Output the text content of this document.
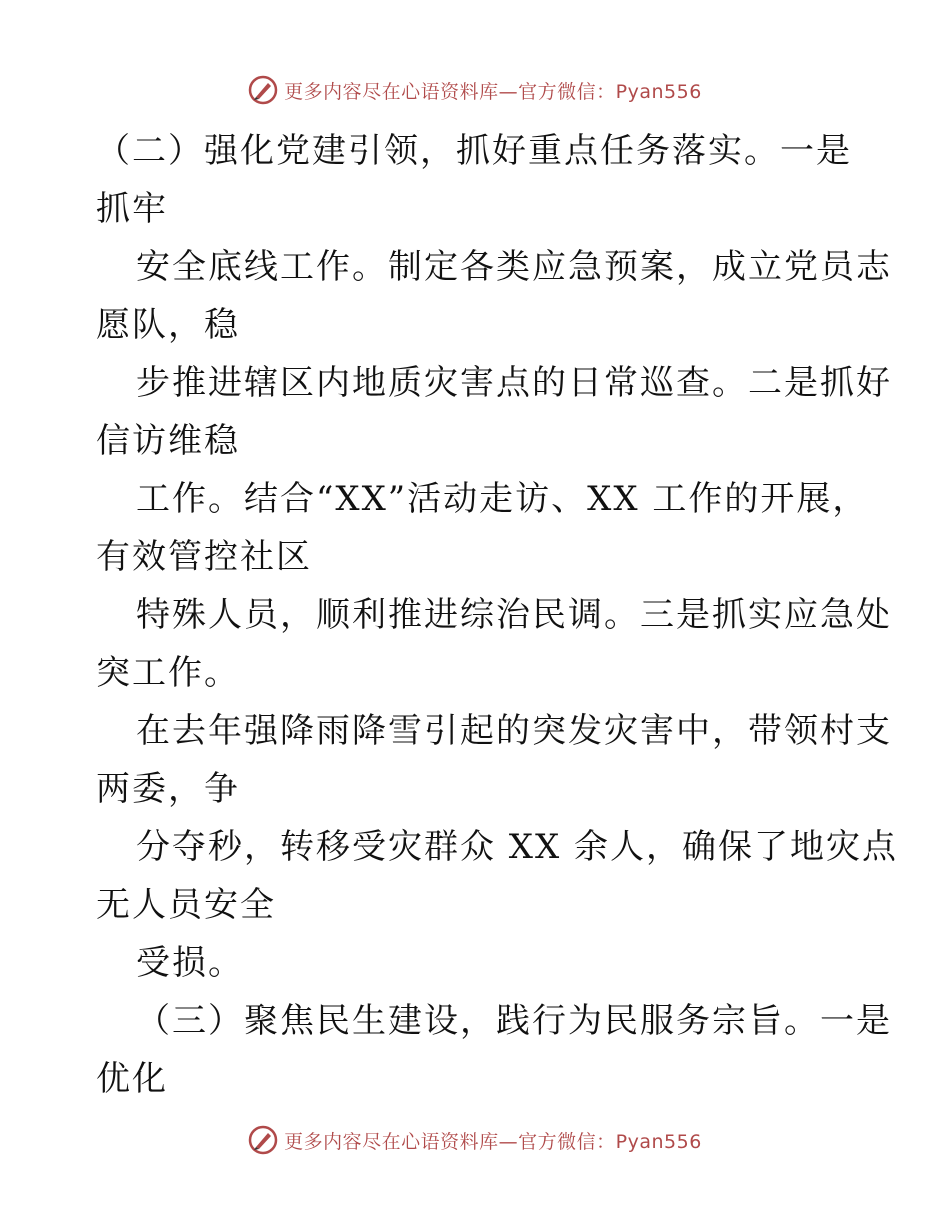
更多内容尽在心语资料库—官方微信：Pyan556
（二）强化党建引领，抓好重点任务落实。一是
抓牢
安全底线工作。制定各类应急预案，成立党员志
愿队，稳
步推进辖区内地质灾害点的日常巡查。二是抓好
信访维稳
工作。结合“XX”活动走访、XX 工作的开展，
有效管控社区
特殊人员，顺利推进综治民调。三是抓实应急处
突工作。
在去年强降雨降雪引起的突发灾害中，带领村支
两委，争
分夺秒，转移受灾群众 XX 余人，确保了地灾点
无人员安全
受损。
（三）聚焦民生建设，践行为民服务宗旨。一是
优化
更多内容尽在心语资料库—官方微信：Pyan556
